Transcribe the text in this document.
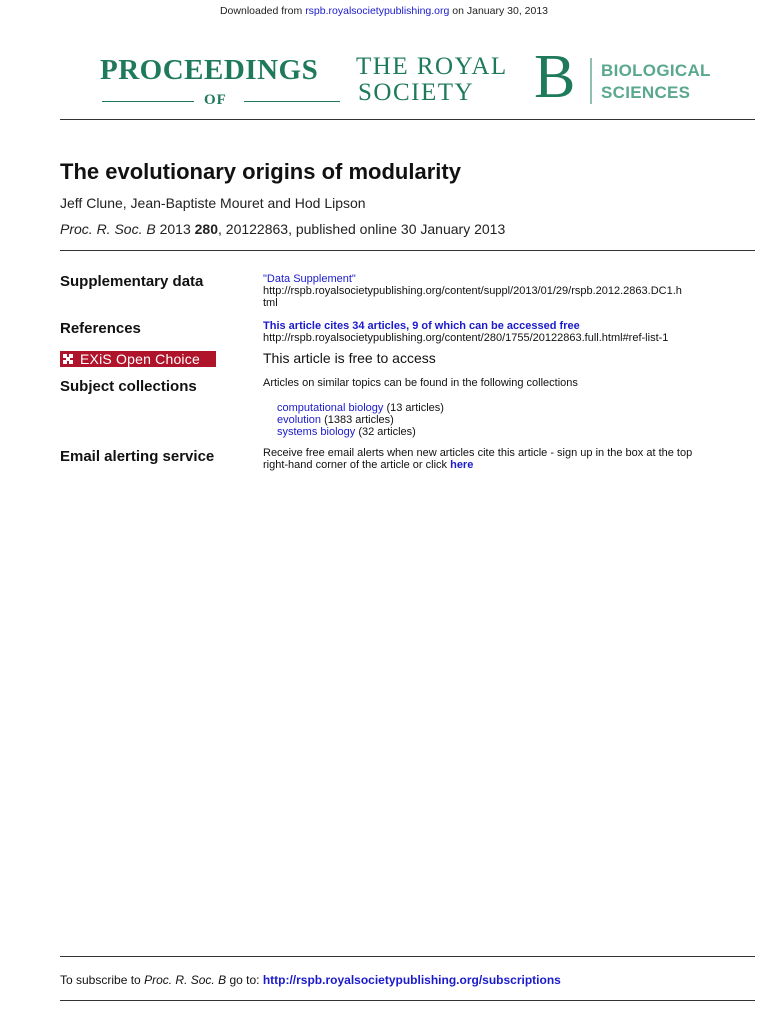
Downloaded from rspb.royalsocietypublishing.org on January 30, 2013
PROCEEDINGS
OF
THE ROYAL
SOCIETY B BIOLOGICAL
SCIENCES
The evolutionary origins of modularity
Jeff Clune, Jean-Baptiste Mouret and Hod Lipson
Proc. R. Soc. B 2013 280, 20122863, published online 30 January 2013
Supplementary data	"Data Supplement"
http://rspb.royalsocietypublishing.org/content/suppl/2013/01/29/rspb.2012.2863.DC1.h
tml
References	This article cites 34 articles, 9 of which can be accessed free
http://rspb.royalsocietypublishing.org/content/280/1755/20122863.full.html#ref-list-1
EXiS Open Choice	This article is free to access
Subject collections	Articles on similar topics can be found in the following collections
computational biology (13 articles)
evolution (1383 articles)
systems biology (32 articles)
Email alerting service	Receive free email alerts when new articles cite this article - sign up in the box at the top
right-hand corner of the article or click here
To subscribe to Proc. R. Soc. B go to: http://rspb.royalsocietypublishing.org/subscriptions
